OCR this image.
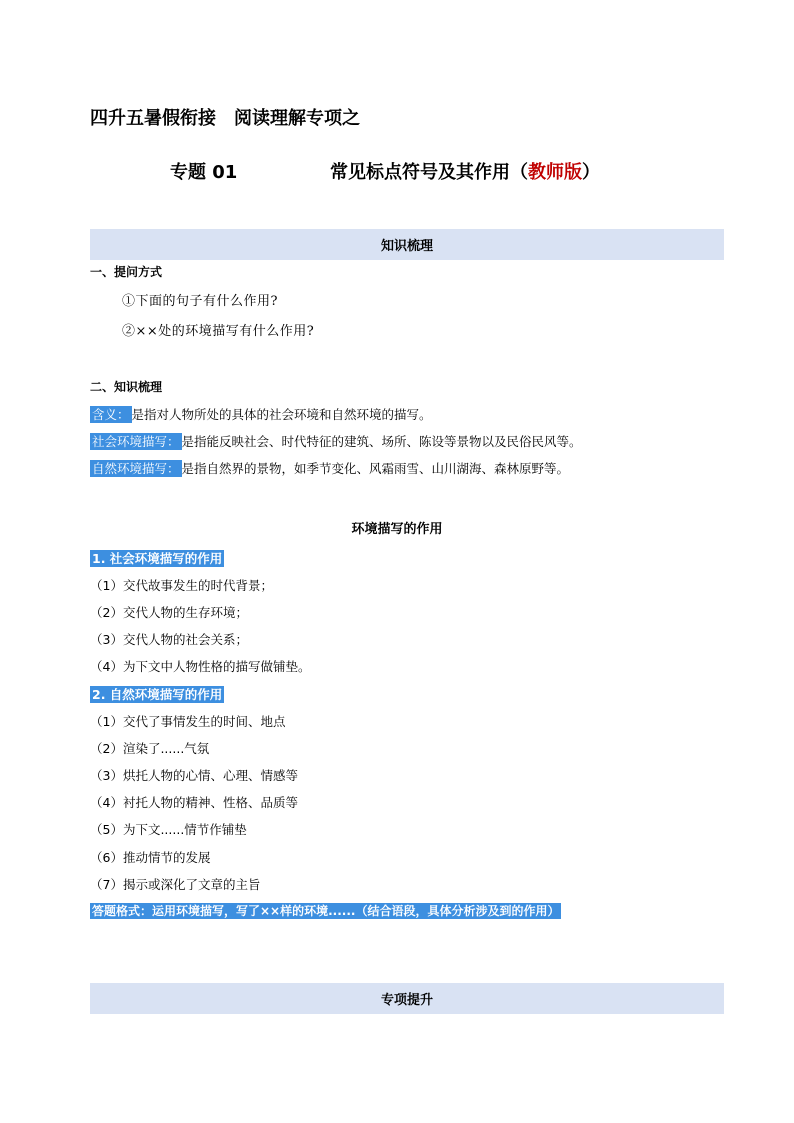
四升五暑假衔接　阅读理解专项之
专题 01	常见标点符号及其作用（教师版）
知识梳理
一、提问方式
①下面的句子有什么作用?
②××处的环境描写有什么作用?
二、知识梳理
含义： 是指对人物所处的具体的社会环境和自然环境的描写。
社会环境描写： 是指能反映社会、时代特征的建筑、场所、陈设等景物以及民俗民风等。
自然环境描写： 是指自然界的景物，如季节变化、风霜雨雪、山川湖海、森林原野等。
环境描写的作用
1. 社会环境描写的作用
（1）交代故事发生的时代背景；
（2）交代人物的生存环境；
（3）交代人物的社会关系；
（4）为下文中人物性格的描写做铺垫。
2. 自然环境描写的作用
（1）交代了事情发生的时间、地点
（2）渲染了......气氛
（3）烘托人物的心情、心理、情感等
（4）衬托人物的精神、性格、品质等
（5）为下文......情节作铺垫
（6）推动情节的发展
（7）揭示或深化了文章的主旨
答题格式：运用环境描写，写了××样的环境......（结合语段，具体分析涉及到的作用）
专项提升
